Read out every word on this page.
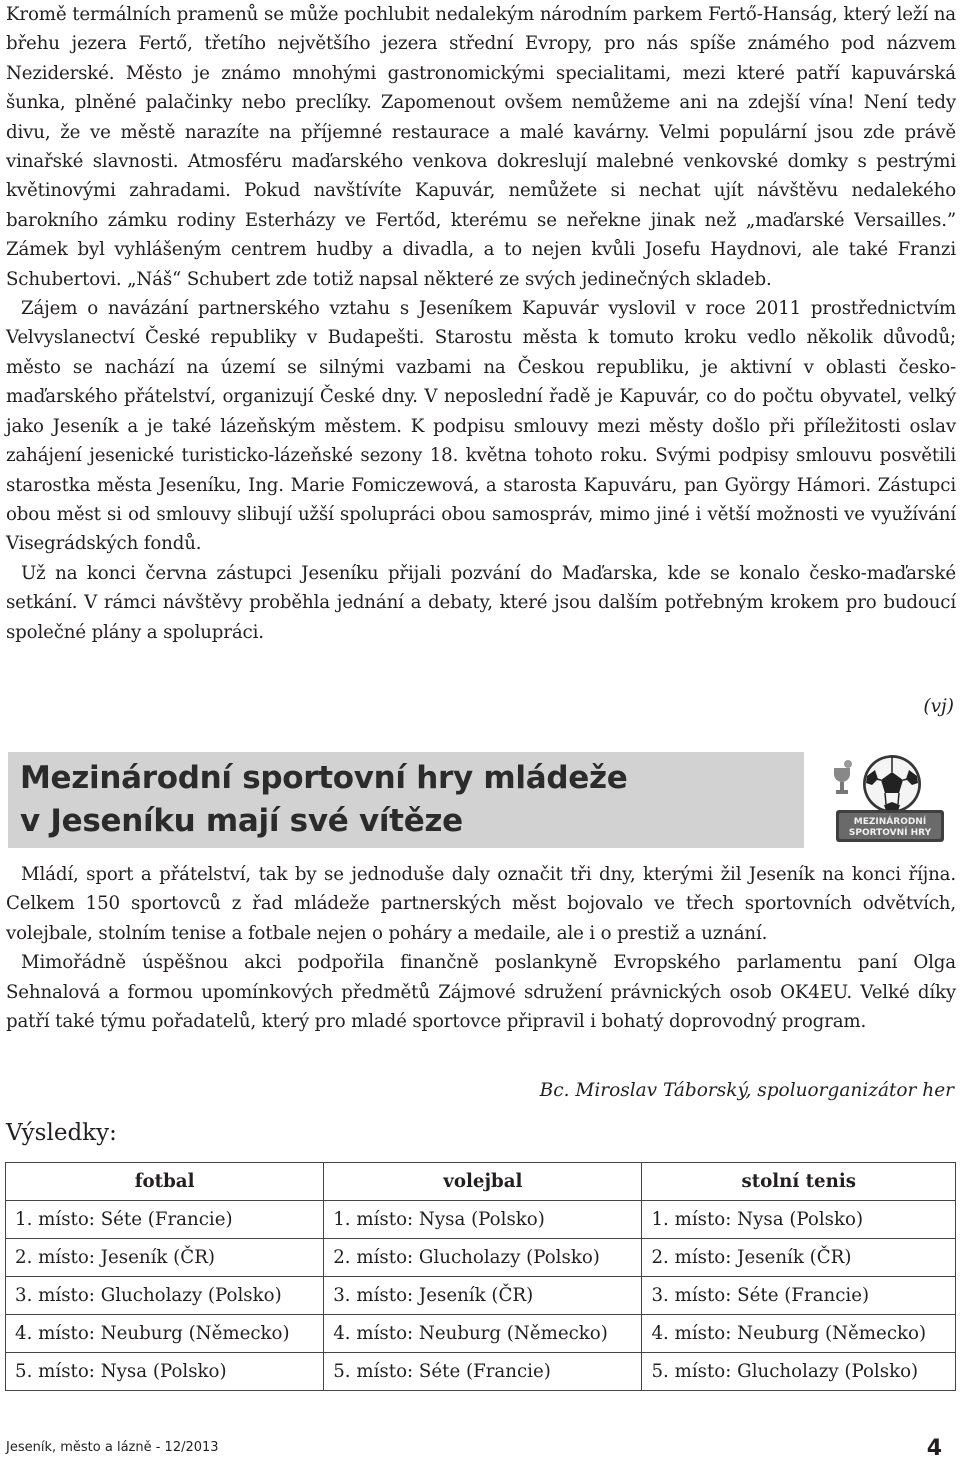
Kromě termálních pramenů se může pochlubit nedalekým národním parkem Fertő-Hanság, který leží na břehu jezera Fertő, třetího největšího jezera střední Evropy, pro nás spíše známého pod názvem Neziderské. Město je známo mnohými gastronomickými specialitami, mezi které patří kapuvárská šunka, plněné palačinky nebo preclíky. Zapomenout ovšem nemůžeme ani na zdejší vína! Není tedy divu, že ve městě narazíte na příjemné restaurace a malé kavárny. Velmi populární jsou zde právě vinařské slavnosti. Atmosféru maďarského venkova dokreslují malebné venkovské domky s pestrými květinovými zahradami. Pokud navštívíte Kapuvár, nemůžete si nechat ujít návštěvu nedalekého barokního zámku rodiny Esterházy ve Fertőd, kterému se neřekne jinak než „maďarské Versailles.” Zámek byl vyhlášeným centrem hudby a divadla, a to nejen kvůli Josefu Haydnovi, ale také Franzi Schubertovi. „Náš“ Schubert zde totiž napsal některé ze svých jedinečných skladeb.

Zájem o navázání partnerského vztahu s Jeseníkem Kapuvár vyslovil v roce 2011 prostřednictvím Velvyslanectví České republiky v Budapešti. Starostu města k tomuto kroku vedlo několik důvodů; město se nachází na území se silnými vazbami na Českou republiku, je aktivní v oblasti česko-maďarského přátelství, organizují České dny. V neposlední řadě je Kapuvár, co do počtu obyvatel, velký jako Jeseník a je také lázeňským městem. K podpisu smlouvy mezi městy došlo při příležitosti oslav zahájení jesenické turisticko-lázeňské sezony 18. května tohoto roku. Svými podpisy smlouvu posvětili starostka města Jeseníku, Ing. Marie Fomiczewová, a starosta Kapuváru, pan György Hámori. Zástupci obou měst si od smlouvy slibují užší spolupráci obou samospráv, mimo jiné i větší možnosti ve využívání Visegrádských fondů.

Už na konci června zástupci Jeseníku přijali pozvání do Maďarska, kde se konalo česko-maďarské setkání. V rámci návštěvy proběhla jednání a debaty, které jsou dalším potřebným krokem pro budoucí společné plány a spolupráci.

(vj)
Mezinárodní sportovní hry mládeže
v Jeseníku mají své vítěze	MEZINÁRODNÍ
SPORTOVNÍ HRY

Mládí, sport a přátelství, tak by se jednoduše daly označit tři dny, kterými žil Jeseník na konci října. Celkem 150 sportovců z řad mládeže partnerských měst bojovalo ve třech sportovních odvětvích, volejbale, stolním tenise a fotbale nejen o poháry a medaile, ale i o prestiž a uznání.

Mimořádně úspěšnou akci podpořila finančně poslankyně Evropského parlamentu paní Olga Sehnalová a formou upomínkových předmětů Zájmové sdružení právnických osob OK4EU. Velké díky patří také týmu pořadatelů, který pro mladé sportovce připravil i bohatý doprovodný program.

Bc. Miroslav Táborský, spoluorganizátor her
Výsledky:
fotbal	volejbal	stolní tenis
1. místo: Séte (Francie)	1. místo: Nysa (Polsko)	1. místo: Nysa (Polsko)
2. místo: Jeseník (ČR)	2. místo: Glucholazy (Polsko)	2. místo: Jeseník (ČR)
3. místo: Glucholazy (Polsko)	3. místo: Jeseník (ČR)	3. místo: Séte (Francie)
4. místo: Neuburg (Německo)	4. místo: Neuburg (Německo)	4. místo: Neuburg (Německo)
5. místo: Nysa (Polsko)	5. místo: Séte (Francie)	5. místo: Glucholazy (Polsko)
Jeseník, město a lázně - 12/2013	4
